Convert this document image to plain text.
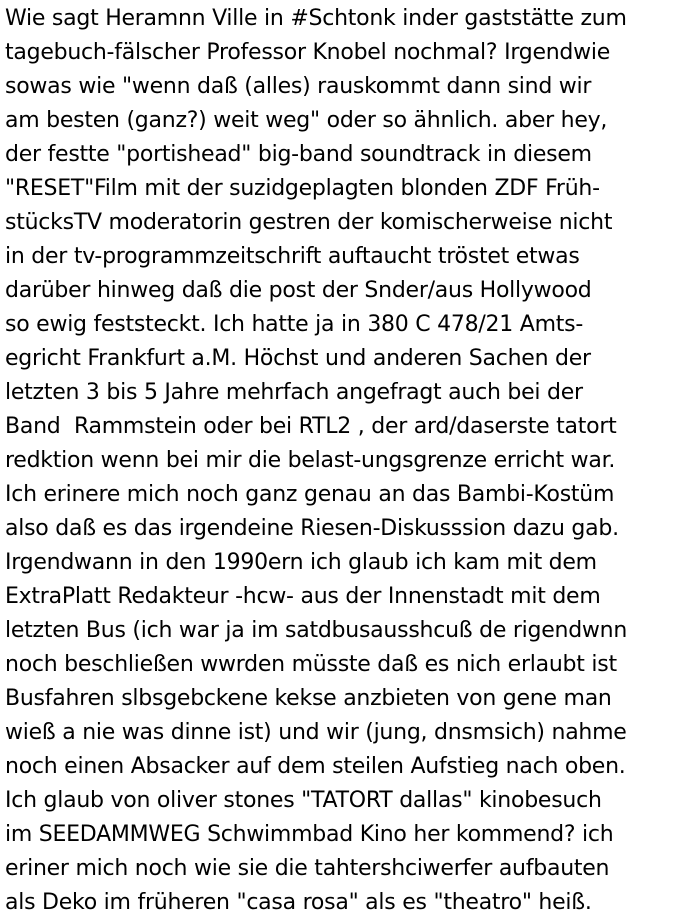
Wie sagt Heramnn Ville in #Schtonk inder gaststätte zum
tagebuch-fälscher Professor Knobel nochmal? Irgendwie
sowas wie "wenn daß (alles) rauskommt dann sind wir
am besten (ganz?) weit weg" oder so ähnlich. aber hey,
der festte "portishead" big-band soundtrack in diesem
"RESET"Film mit der suzidgeplagten blonden ZDF Früh-
stücksTV moderatorin gestren der komischerweise nicht
in der tv-programmzeitschrift auftaucht tröstet etwas
darüber hinweg daß die post der Snder/aus Hollywood
so ewig feststeckt. Ich hatte ja in 380 C 478/21 Amts-
egricht Frankfurt a.M. Höchst und anderen Sachen der
letzten 3 bis 5 Jahre mehrfach angefragt auch bei der
Band  Rammstein oder bei RTL2 , der ard/daserste tatort
redktion wenn bei mir die belast-ungsgrenze erricht war.
Ich erinere mich noch ganz genau an das Bambi-Kostüm
also daß es das irgendeine Riesen-Diskusssion dazu gab.
Irgendwann in den 1990ern ich glaub ich kam mit dem
ExtraPlatt Redakteur -hcw- aus der Innenstadt mit dem
letzten Bus (ich war ja im satdbusausshcuß de rigendwnn
noch beschließen wwrden müsste daß es nich erlaubt ist
Busfahren slbsgebckene kekse anzbieten von gene man
wieß a nie was dinne ist) und wir (jung, dnsmsich) nahme
noch einen Absacker auf dem steilen Aufstieg nach oben.
Ich glaub von oliver stones "TATORT dallas" kinobesuch
im SEEDAMMWEG Schwimmbad Kino her kommend? ich
eriner mich noch wie sie die tahtershciwerfer aufbauten
als Deko im früheren "casa rosa" als es "theatro" heiß.
